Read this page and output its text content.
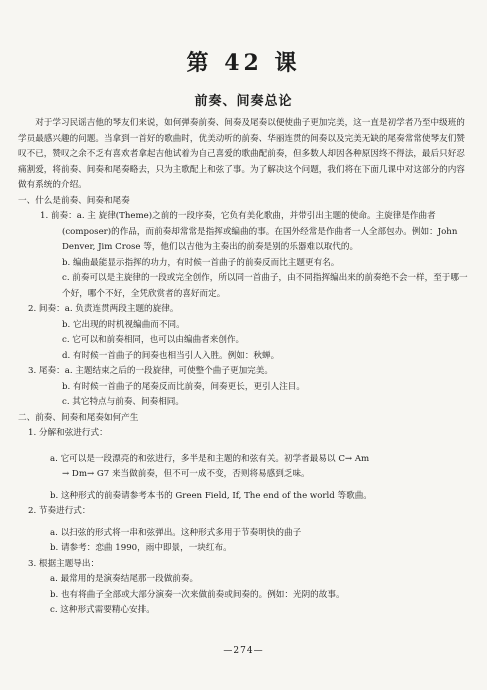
第 42 课
前奏、间奏总论

对于学习民谣吉他的琴友们来说，如何弹奏前奏、间奏及尾奏以便使曲子更加完美，这一直是初学者乃至中级班的学员最感兴趣的问题。当拿到一首好的歌曲时，优美动听的前奏、华丽连贯的间奏以及完美无缺的尾奏常常使琴友们赞叹不已，赞叹之余不乏有喜欢者拿起吉他试着为自己喜爱的歌曲配前奏，但多数人却因各种原因终不得法，最后只好忍痛割爱，将前奏、间奏和尾奏略去，只为主歌配上和弦了事。为了解决这个问题，我们将在下面几课中对这部分的内容做有系统的介绍。

一、什么是前奏、间奏和尾奏

1. 前奏：a. 主 旋律(Theme)之前的一段序奏，它负有美化歌曲，并带引出主题的使命。主旋律是作曲者(composer)的作品，而前奏却常常是指挥或编曲的事。在国外经常是作曲者一人全部包办。例如：John Denver, Jim Crose 等，他们以吉他为主奏出的前奏是别的乐器难以取代的。

b. 编曲最能显示指挥的功力，有时候一首曲子的前奏反而比主题更有名。

c. 前奏可以是主旋律的一段或完全创作，所以同一首曲子，由不同指挥编出来的前奏绝不会一样，至于哪一个好，哪个不好，全凭欣赏者的喜好而定。

2. 间奏：a. 负责连贯两段主题的旋律。

b. 它出现的时机视编曲而不同。

c. 它可以和前奏相同，也可以由编曲者来创作。

d. 有时候一首曲子的间奏也相当引人入胜。例如：秋蝉。

3. 尾奏：a. 主题结束之后的一段旋律，可使整个曲子更加完美。

b. 有时候一首曲子的尾奏反而比前奏，间奏更长，更引人注目。

c. 其它特点与前奏、间奏相同。

二、前奏、间奏和尾奏如何产生

1. 分解和弦进行式：

a. 它可以是一段漂亮的和弦进行，多半是和主题的和弦有关。初学者最易以 C→ Am

→ Dm→ G7 来当做前奏，但不可一成不变，否则将易感到乏味。

b. 这种形式的前奏请参考本书的 Green Field, If, The end of the world 等歌曲。

2. 节奏进行式：

a. 以扫弦的形式将一串和弦弹出。这种形式多用于节奏明快的曲子

b. 请参考：恋曲 1990，雨中即景，一块红布。

3. 根据主题导出：

a. 最常用的是演奏结尾那一段做前奏。

b. 也有将曲子全部或大部分演奏一次来做前奏或间奏的。例如：光阴的故事。

c. 这种形式需要精心安排。

—274—
